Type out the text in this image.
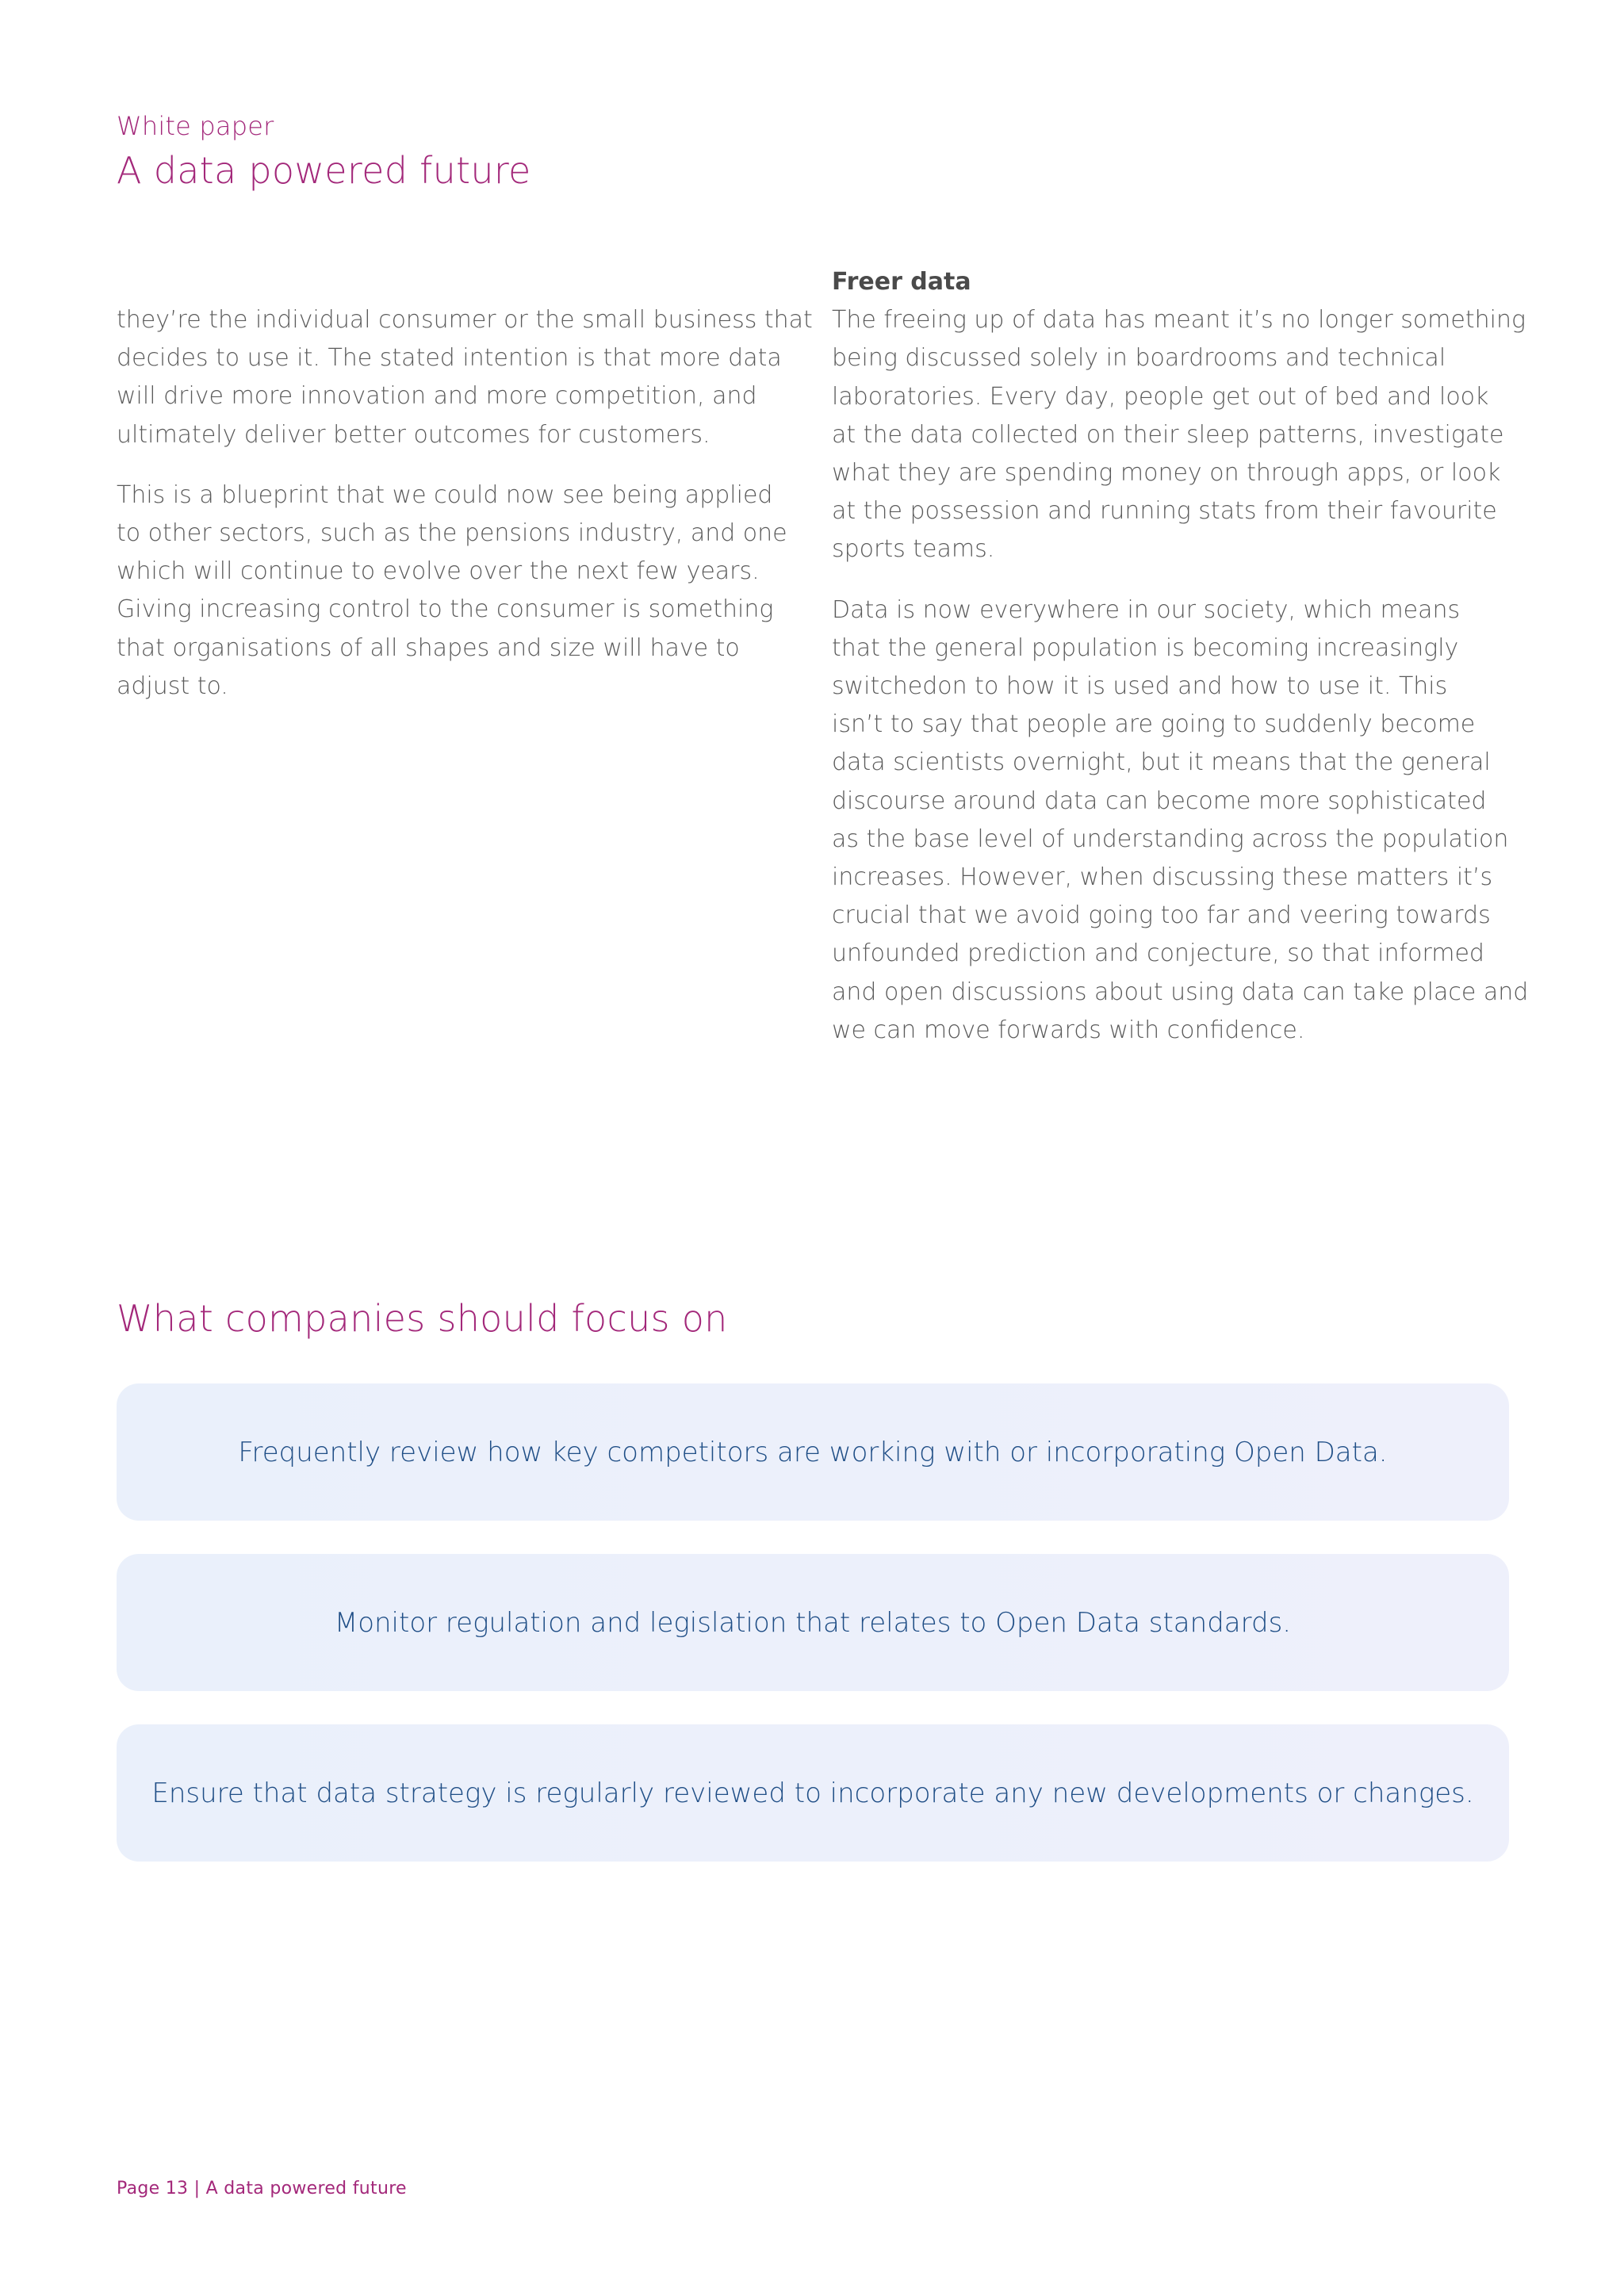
White paper
A data powered future
they’re the individual consumer or the small business that
decides to use it. The stated intention is that more data
will drive more innovation and more competition, and
ultimately deliver better outcomes for customers.
This is a blueprint that we could now see being applied
to other sectors, such as the pensions industry, and one
which will continue to evolve over the next few years.
Giving increasing control to the consumer is something
that organisations of all shapes and size will have to
adjust to.
Freer data
The freeing up of data has meant it’s no longer something
being discussed solely in boardrooms and technical
laboratories. Every day, people get out of bed and look
at the data collected on their sleep patterns, investigate
what they are spending money on through apps, or look
at the possession and running stats from their favourite
sports teams.
Data is now everywhere in our society, which means
that the general population is becoming increasingly
switchedon to how it is used and how to use it. This
isn’t to say that people are going to suddenly become
data scientists overnight, but it means that the general
discourse around data can become more sophisticated
as the base level of understanding across the population
increases. However, when discussing these matters it’s
crucial that we avoid going too far and veering towards
unfounded prediction and conjecture, so that informed
and open discussions about using data can take place and
we can move forwards with confidence.
What companies should focus on
Frequently review how key competitors are working with or incorporating Open Data.
Monitor regulation and legislation that relates to Open Data standards.
Ensure that data strategy is regularly reviewed to incorporate any new developments or changes.
Page 13 | A data powered future
